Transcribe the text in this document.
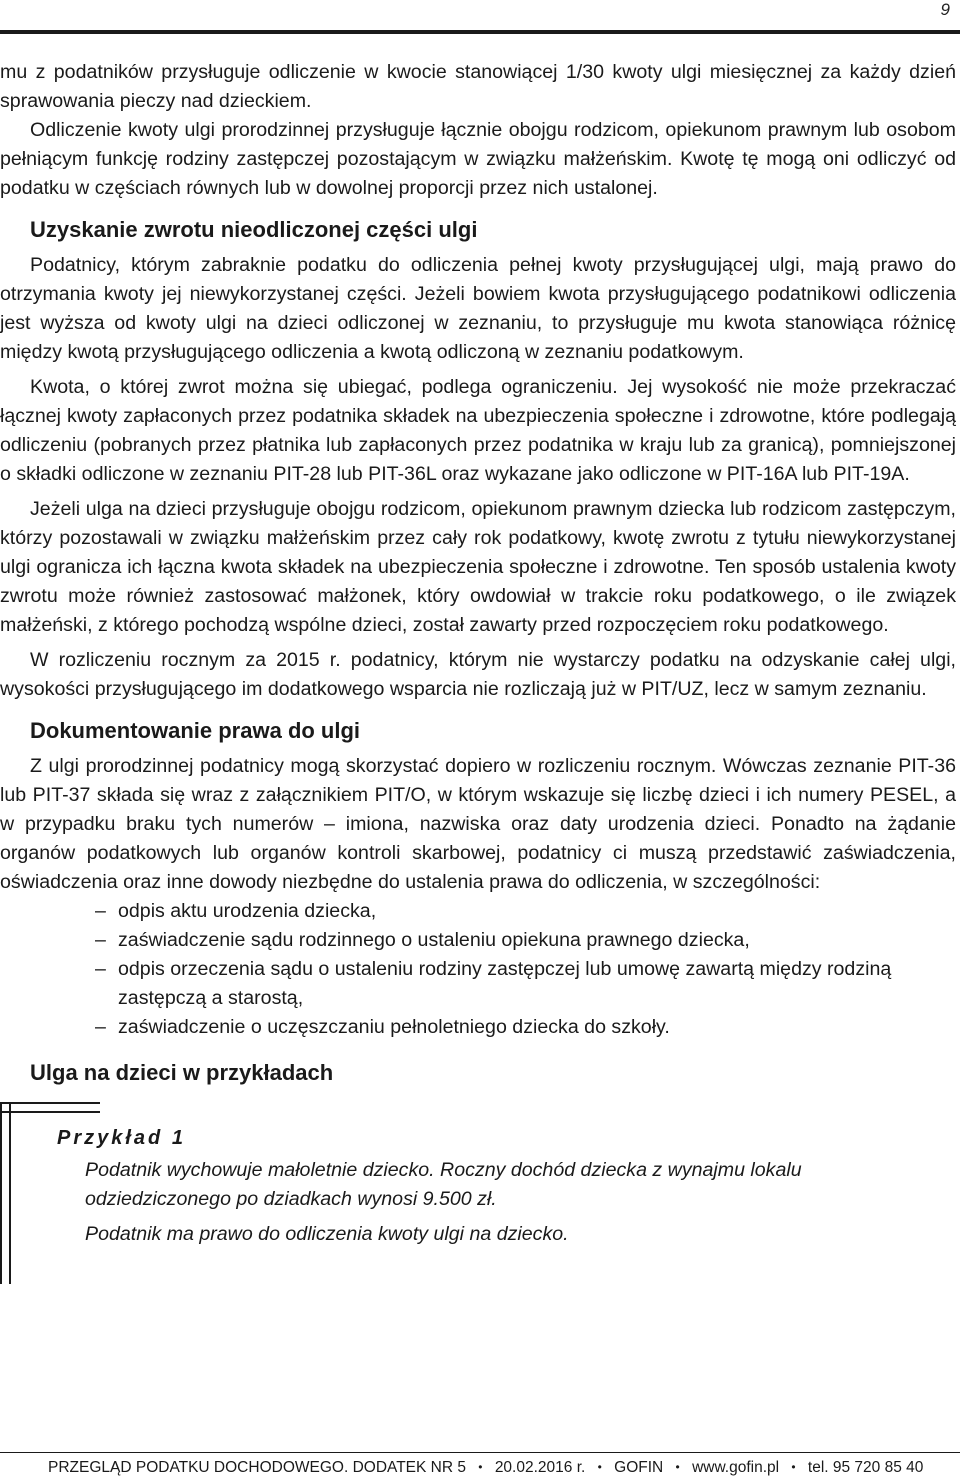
9

mu z podatników przysługuje odliczenie w kwocie stanowiącej 1/30 kwoty ulgi miesięcznej za każdy dzień sprawowania pieczy nad dzieckiem.

Odliczenie kwoty ulgi prorodzinnej przysługuje łącznie obojgu rodzicom, opiekunom prawnym lub osobom pełniącym funkcję rodziny zastępczej pozostającym w związku małżeńskim. Kwotę tę mogą oni odliczyć od podatku w częściach równych lub w dowolnej proporcji przez nich ustalonej.

Uzyskanie zwrotu nieodliczonej części ulgi

Podatnicy, którym zabraknie podatku do odliczenia pełnej kwoty przysługującej ulgi, mają prawo do otrzymania kwoty jej niewykorzystanej części. Jeżeli bowiem kwota przysługującego podatnikowi odliczenia jest wyższa od kwoty ulgi na dzieci odliczonej w zeznaniu, to przysługuje mu kwota stanowiąca różnicę między kwotą przysługującego odliczenia a kwotą odliczoną w zeznaniu podatkowym.

Kwota, o której zwrot można się ubiegać, podlega ograniczeniu. Jej wysokość nie może przekraczać łącznej kwoty zapłaconych przez podatnika składek na ubezpieczenia społeczne i zdrowotne, które podlegają odliczeniu (pobranych przez płatnika lub zapłaconych przez podatnika w kraju lub za granicą), pomniejszonej o składki odliczone w zeznaniu PIT-28 lub PIT-36L oraz wykazane jako odliczone w PIT-16A lub PIT-19A.

Jeżeli ulga na dzieci przysługuje obojgu rodzicom, opiekunom prawnym dziecka lub rodzicom zastępczym, którzy pozostawali w związku małżeńskim przez cały rok podatkowy, kwotę zwrotu z tytułu niewykorzystanej ulgi ogranicza ich łączna kwota składek na ubezpieczenia społeczne i zdrowotne. Ten sposób ustalenia kwoty zwrotu może również zastosować małżonek, który owdowiał w trakcie roku podatkowego, o ile związek małżeński, z którego pochodzą wspólne dzieci, został zawarty przed rozpoczęciem roku podatkowego.

W rozliczeniu rocznym za 2015 r. podatnicy, którym nie wystarczy podatku na odzyskanie całej ulgi, wysokości przysługującego im dodatkowego wsparcia nie rozliczają już w PIT/UZ, lecz w samym zeznaniu.

Dokumentowanie prawa do ulgi

Z ulgi prorodzinnej podatnicy mogą skorzystać dopiero w rozliczeniu rocznym. Wówczas zeznanie PIT-36 lub PIT-37 składa się wraz z załącznikiem PIT/O, w którym wskazuje się liczbę dzieci i ich numery PESEL, a w przypadku braku tych numerów – imiona, nazwiska oraz daty urodzenia dzieci. Ponadto na żądanie organów podatkowych lub organów kontroli skarbowej, podatnicy ci muszą przedstawić zaświadczenia, oświadczenia oraz inne dowody niezbędne do ustalenia prawa do odliczenia, w szczególności:

– odpis aktu urodzenia dziecka,
– zaświadczenie sądu rodzinnego o ustaleniu opiekuna prawnego dziecka,
– odpis orzeczenia sądu o ustaleniu rodziny zastępczej lub umowę zawartą między rodziną zastępczą a starostą,
– zaświadczenie o uczęszczaniu pełnoletniego dziecka do szkoły.
Ulga na dzieci w przykładach
Przykład 1

Podatnik wychowuje małoletnie dziecko. Roczny dochód dziecka z wynajmu lokalu odziedziczonego po dziadkach wynosi 9.500 zł.

Podatnik ma prawo do odliczenia kwoty ulgi na dziecko.

PRZEGLĄD PODATKU DOCHODOWEGO. DODATEK NR 5 • 20.02.2016 r. • GOFIN • www.gofin.pl • tel. 95 720 85 40
